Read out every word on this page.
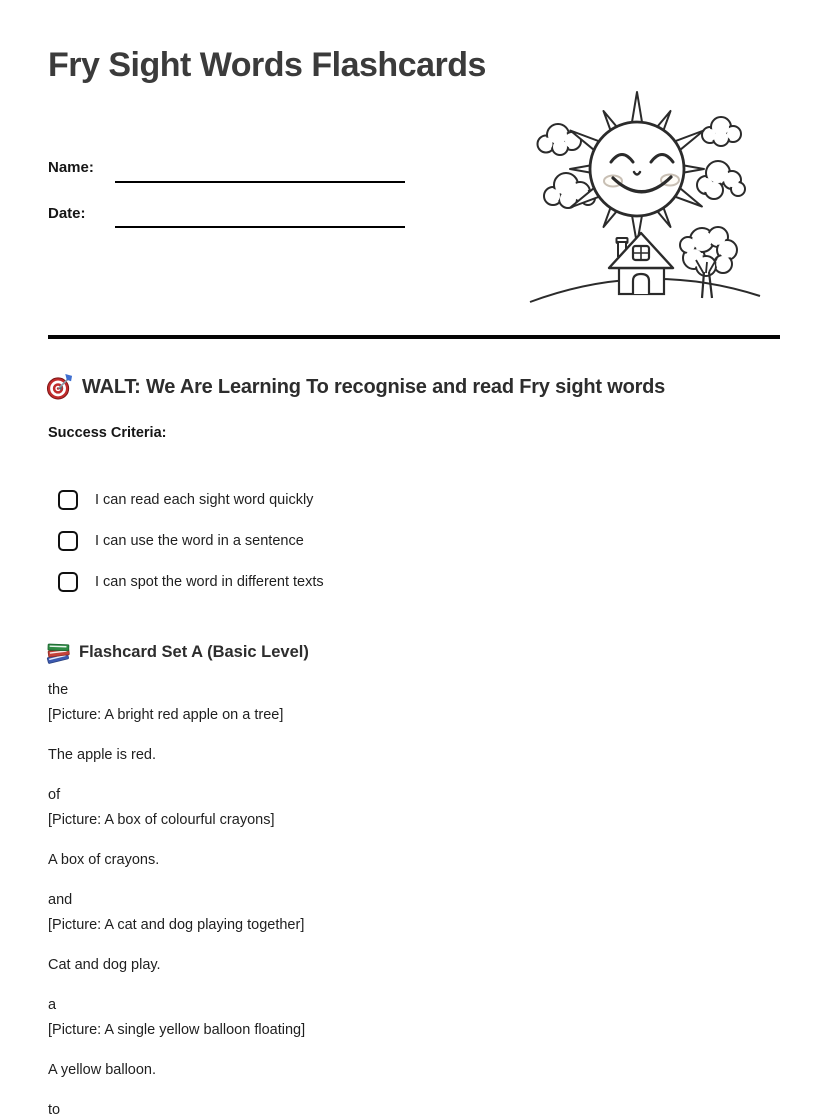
Fry Sight Words Flashcards
Name:
Date:
WALT: We Are Learning To recognise and read Fry sight words
Success Criteria:
I can read each sight word quickly
I can use the word in a sentence
I can spot the word in different texts
Flashcard Set A (Basic Level)
the
[Picture: A bright red apple on a tree]
The apple is red.
of
[Picture: A box of colourful crayons]
A box of crayons.
and
[Picture: A cat and dog playing together]
Cat and dog play.
a
[Picture: A single yellow balloon floating]
A yellow balloon.
to
